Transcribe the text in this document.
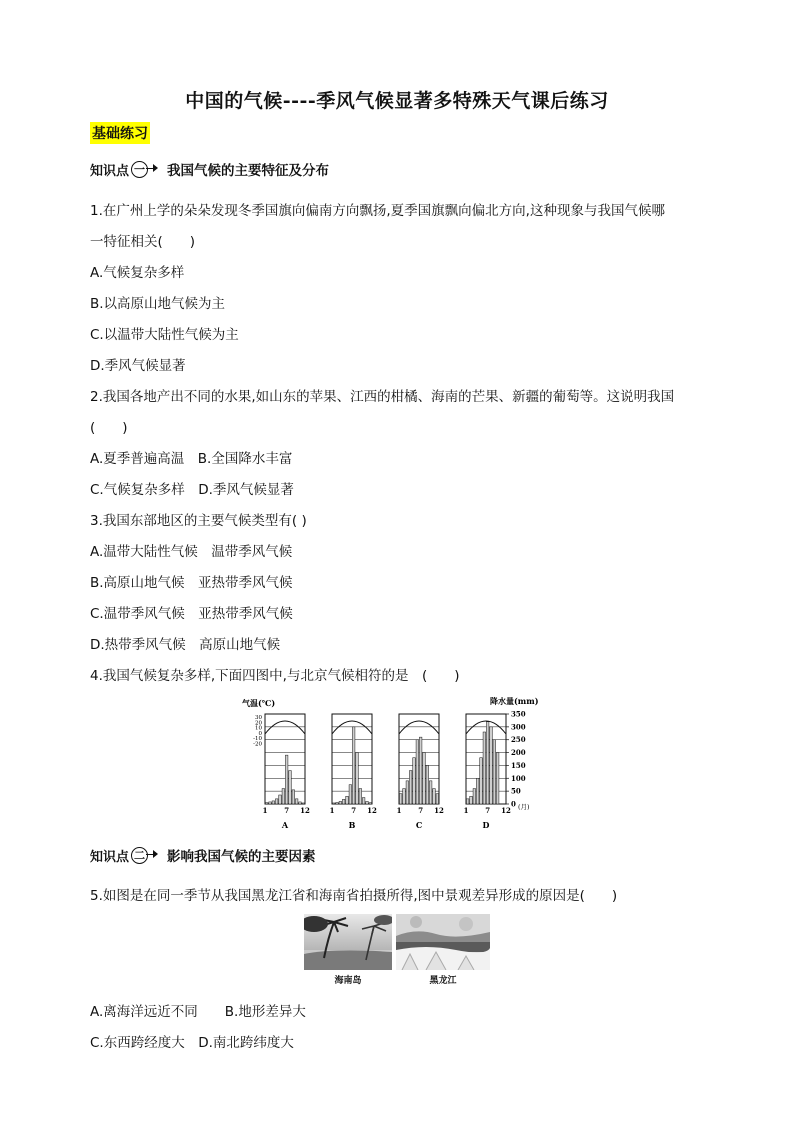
中国的气候----季风气候显著多特殊天气课后练习
基础练习
知识点 一 我国气候的主要特征及分布
1.在广州上学的朵朵发现冬季国旗向偏南方向飘扬,夏季国旗飘向偏北方向,这种现象与我国气候哪
一特征相关(　　)
A.气候复杂多样
B.以高原山地气候为主
C.以温带大陆性气候为主
D.季风气候显著
2.我国各地产出不同的水果,如山东的苹果、江西的柑橘、海南的芒果、新疆的葡萄等。这说明我国
(　　)
A.夏季普遍高温　B.全国降水丰富
C.气候复杂多样　D.季风气候显著
3.我国东部地区的主要气候类型有( )
A.温带大陆性气候　温带季风气候
B.高原山地气候　亚热带季风气候
C.温带季风气候　亚热带季风气候
D.热带季风气候　高原山地气候
4.我国气候复杂多样,下面四图中,与北京气候相符的是　(　　)
气温(℃)	降水量(mm)
30
20
10
0
-10
-20
1 7 12
A
1 7 12
B
1 7 12
C
1 7 12
D
350
300
250
200
150
100
50
0 (月)
知识点 二 影响我国气候的主要因素
5.如图是在同一季节从我国黑龙江省和海南省拍摄所得,图中景观差异形成的原因是(　　)
海南岛	黑龙江
A.离海洋远近不同　　B.地形差异大
C.东西跨经度大　D.南北跨纬度大
